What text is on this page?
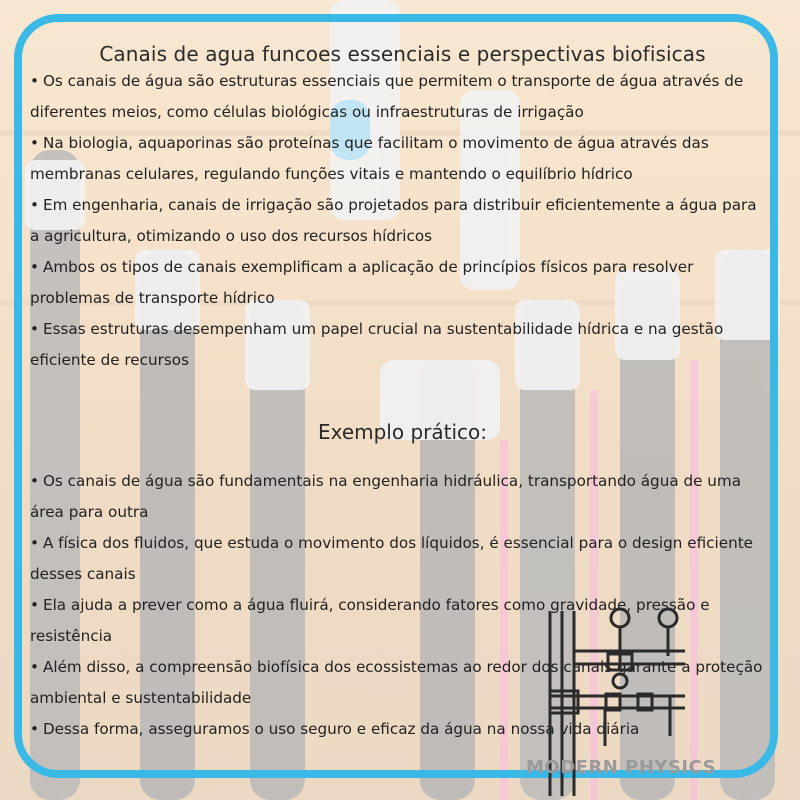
Canais de agua funcoes essenciais e perspectivas biofisicas
• Os canais de água são estruturas essenciais que permitem o transporte de água através de diferentes meios, como células biológicas ou infraestruturas de irrigação
• Na biologia, aquaporinas são proteínas que facilitam o movimento de água através das membranas celulares, regulando funções vitais e mantendo o equilíbrio hídrico
• Em engenharia, canais de irrigação são projetados para distribuir eficientemente a água para a agricultura, otimizando o uso dos recursos hídricos
• Ambos os tipos de canais exemplificam a aplicação de princípios físicos para resolver problemas de transporte hídrico
• Essas estruturas desempenham um papel crucial na sustentabilidade hídrica e na gestão eficiente de recursos
Exemplo prático:
• Os canais de água são fundamentais na engenharia hidráulica, transportando água de uma área para outra
• A física dos fluidos, que estuda o movimento dos líquidos, é essencial para o design eficiente desses canais
• Ela ajuda a prever como a água fluirá, considerando fatores como gravidade, pressão e resistência
• Além disso, a compreensão biofísica dos ecossistemas ao redor dos canais garante a proteção ambiental e sustentabilidade
• Dessa forma, asseguramos o uso seguro e eficaz da água na nossa vida diária
MODERN PHYSICS
